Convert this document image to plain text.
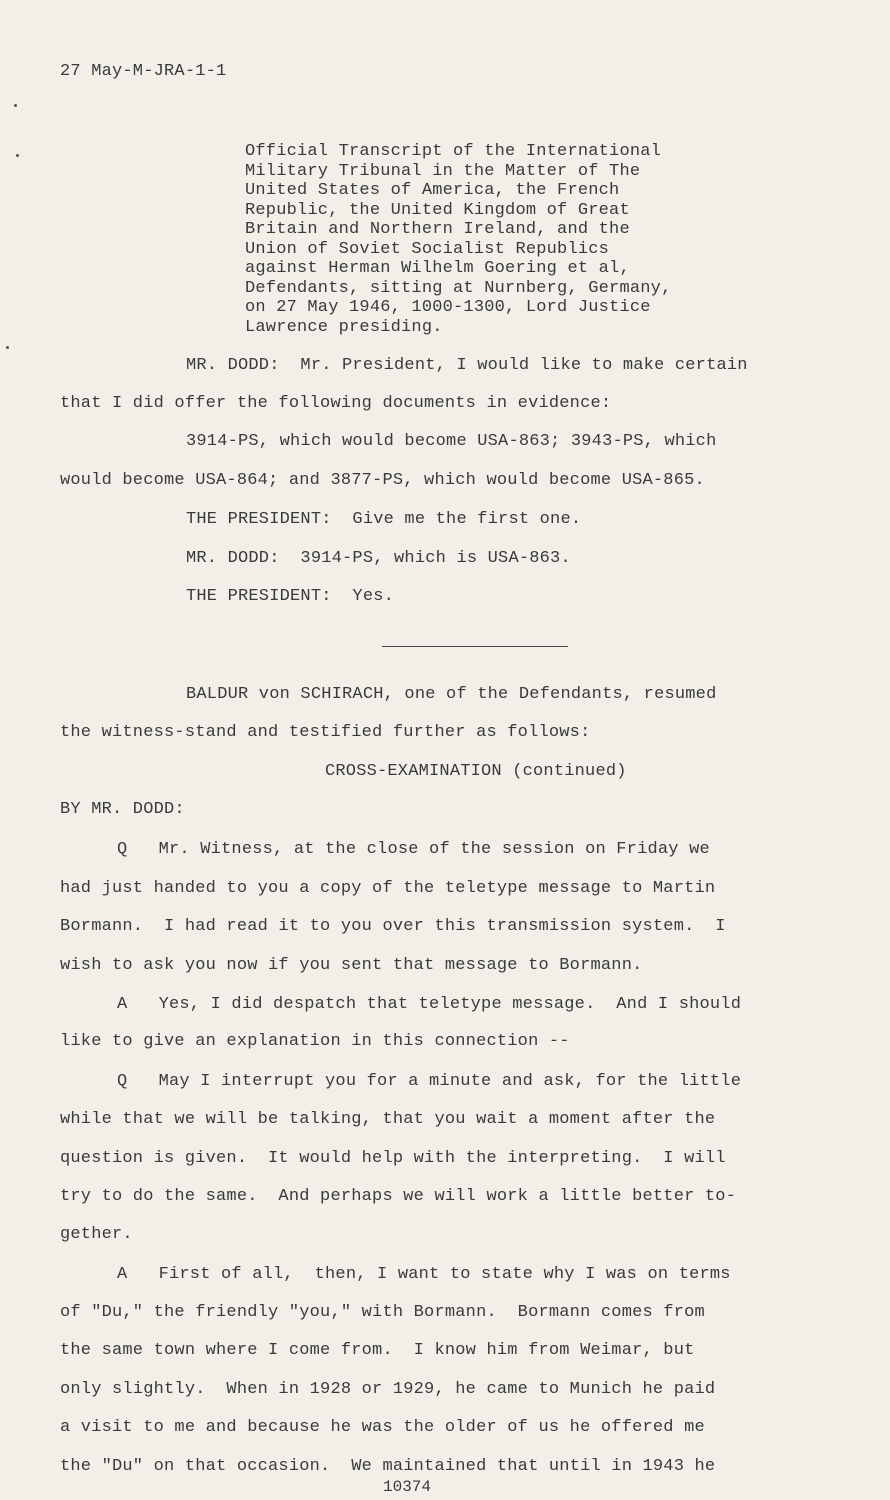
27 May-M-JRA-1-1
Official Transcript of the International
Military Tribunal in the Matter of The
United States of America, the French
Republic, the United Kingdom of Great
Britain and Northern Ireland, and the
Union of Soviet Socialist Republics
against Herman Wilhelm Goering et al,
Defendants, sitting at Nurnberg, Germany,
on 27 May 1946, 1000-1300, Lord Justice
Lawrence presiding.
MR. DODD:  Mr. President, I would like to make certain
that I did offer the following documents in evidence:
3914-PS, which would become USA-863; 3943-PS, which
would become USA-864; and 3877-PS, which would become USA-865.
THE PRESIDENT:  Give me the first one.
MR. DODD:  3914-PS, which is USA-863.
THE PRESIDENT:  Yes.
BALDUR von SCHIRACH, one of the Defendants, resumed
the witness-stand and testified further as follows:
CROSS-EXAMINATION (continued)
BY MR. DODD:
Q   Mr. Witness, at the close of the session on Friday we
had just handed to you a copy of the teletype message to Martin
Bormann.  I had read it to you over this transmission system.  I
wish to ask you now if you sent that message to Bormann.
A   Yes, I did despatch that teletype message.  And I should
like to give an explanation in this connection --
Q   May I interrupt you for a minute and ask, for the little
while that we will be talking, that you wait a moment after the
question is given.  It would help with the interpreting.  I will
try to do the same.  And perhaps we will work a little better to-
gether.
A   First of all,  then, I want to state why I was on terms
of "Du," the friendly "you," with Bormann.  Bormann comes from
the same town where I come from.  I know him from Weimar, but
only slightly.  When in 1928 or 1929, he came to Munich he paid
a visit to me and because he was the older of us he offered me
the "Du" on that occasion.  We maintained that until in 1943 he
10374
